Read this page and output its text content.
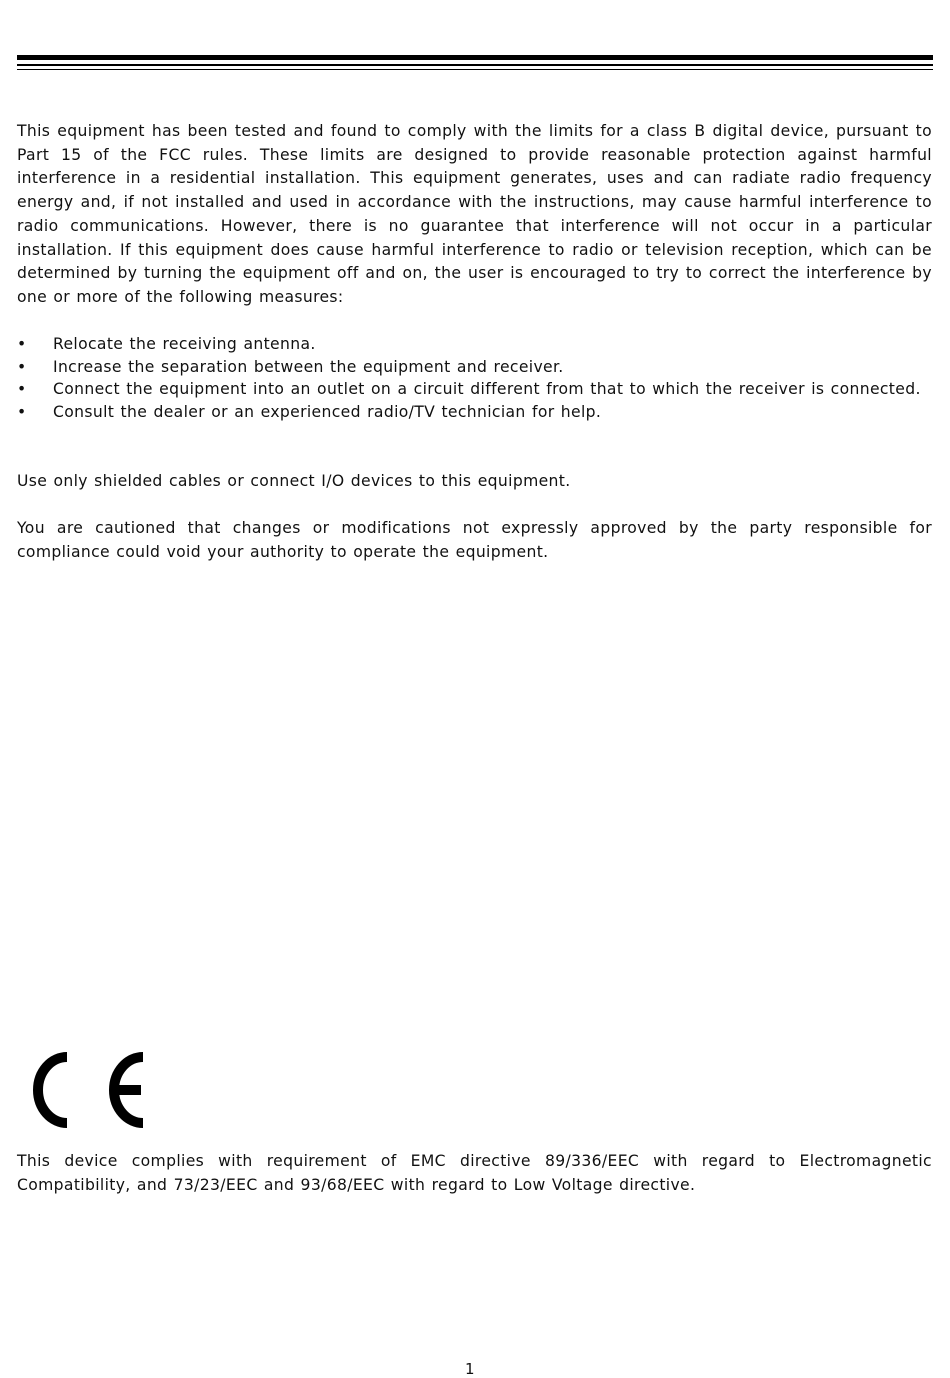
This equipment has been tested and found to comply with the limits for a class B digital device, pursuant to Part 15 of the FCC rules. These limits are designed to provide reasonable protection against harmful interference in a residential installation. This equipment generates, uses and can radiate radio frequency energy and, if not installed and used in accordance with the instructions, may cause harmful interference to radio communications. However, there is no guarantee that interference will not occur in a particular installation. If this equipment does cause harmful interference to radio or television reception, which can be determined by turning the equipment off and on, the user is encouraged to try to correct the interference by one or more of the following measures:

• Relocate the receiving antenna.
• Increase the separation between the equipment and receiver.
• Connect the equipment into an outlet on a circuit different from that to which the receiver is connected.
• Consult the dealer or an experienced radio/TV technician for help.

Use only shielded cables or connect I/O devices to this equipment.

You are cautioned that changes or modifications not expressly approved by the party responsible for compliance could void your authority to operate the equipment.

This device complies with requirement of EMC directive 89/336/EEC with regard to Electromagnetic Compatibility, and 73/23/EEC and 93/68/EEC with regard to Low Voltage directive.

1
